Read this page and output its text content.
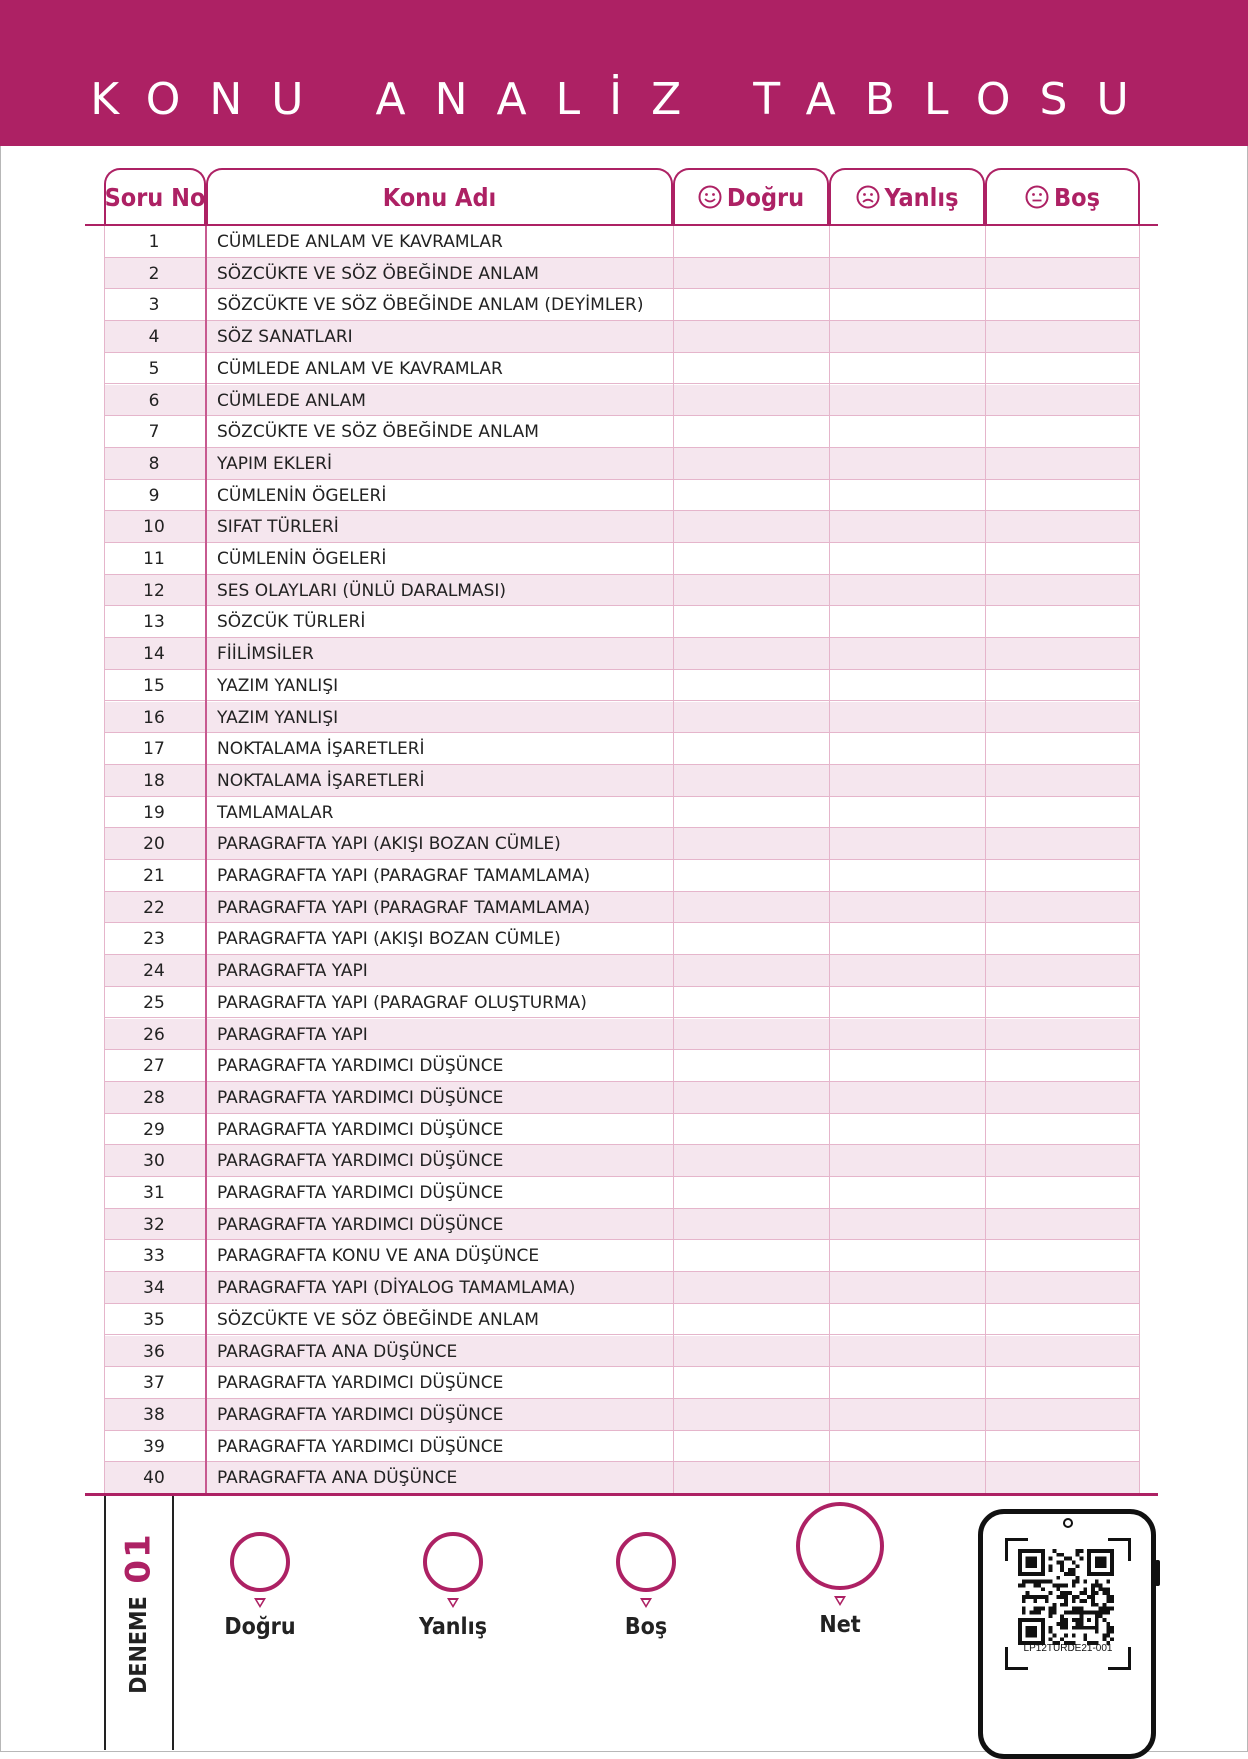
KONU ANALİZ TABLOSU
Soru No	Konu Adı	Doğru	Yanlış	Boş
1	CÜMLEDE ANLAM VE KAVRAMLAR
2	SÖZCÜKTE VE SÖZ ÖBEĞİNDE ANLAM
3	SÖZCÜKTE VE SÖZ ÖBEĞİNDE ANLAM (DEYİMLER)
4	SÖZ SANATLARI
5	CÜMLEDE ANLAM VE KAVRAMLAR
6	CÜMLEDE ANLAM
7	SÖZCÜKTE VE SÖZ ÖBEĞİNDE ANLAM
8	YAPIM EKLERİ
9	CÜMLENİN ÖGELERİ
10	SIFAT TÜRLERİ
11	CÜMLENİN ÖGELERİ
12	SES OLAYLARI (ÜNLÜ DARALMASI)
13	SÖZCÜK TÜRLERİ
14	FİİLİMSİLER
15	YAZIM YANLIŞI
16	YAZIM YANLIŞI
17	NOKTALAMA İŞARETLERİ
18	NOKTALAMA İŞARETLERİ
19	TAMLAMALAR
20	PARAGRAFTA YAPI (AKIŞI BOZAN CÜMLE)
21	PARAGRAFTA YAPI (PARAGRAF TAMAMLAMA)
22	PARAGRAFTA YAPI (PARAGRAF TAMAMLAMA)
23	PARAGRAFTA YAPI (AKIŞI BOZAN CÜMLE)
24	PARAGRAFTA YAPI
25	PARAGRAFTA YAPI (PARAGRAF OLUŞTURMA)
26	PARAGRAFTA YAPI
27	PARAGRAFTA YARDIMCI DÜŞÜNCE
28	PARAGRAFTA YARDIMCI DÜŞÜNCE
29	PARAGRAFTA YARDIMCI DÜŞÜNCE
30	PARAGRAFTA YARDIMCI DÜŞÜNCE
31	PARAGRAFTA YARDIMCI DÜŞÜNCE
32	PARAGRAFTA YARDIMCI DÜŞÜNCE
33	PARAGRAFTA KONU VE ANA DÜŞÜNCE
34	PARAGRAFTA YAPI (DİYALOG TAMAMLAMA)
35	SÖZCÜKTE VE SÖZ ÖBEĞİNDE ANLAM
36	PARAGRAFTA ANA DÜŞÜNCE
37	PARAGRAFTA YARDIMCI DÜŞÜNCE
38	PARAGRAFTA YARDIMCI DÜŞÜNCE
39	PARAGRAFTA YARDIMCI DÜŞÜNCE
40	PARAGRAFTA ANA DÜŞÜNCE
01
DENEME	Doğru	Yanlış	Boş	Net
LP12TURDE21-001
